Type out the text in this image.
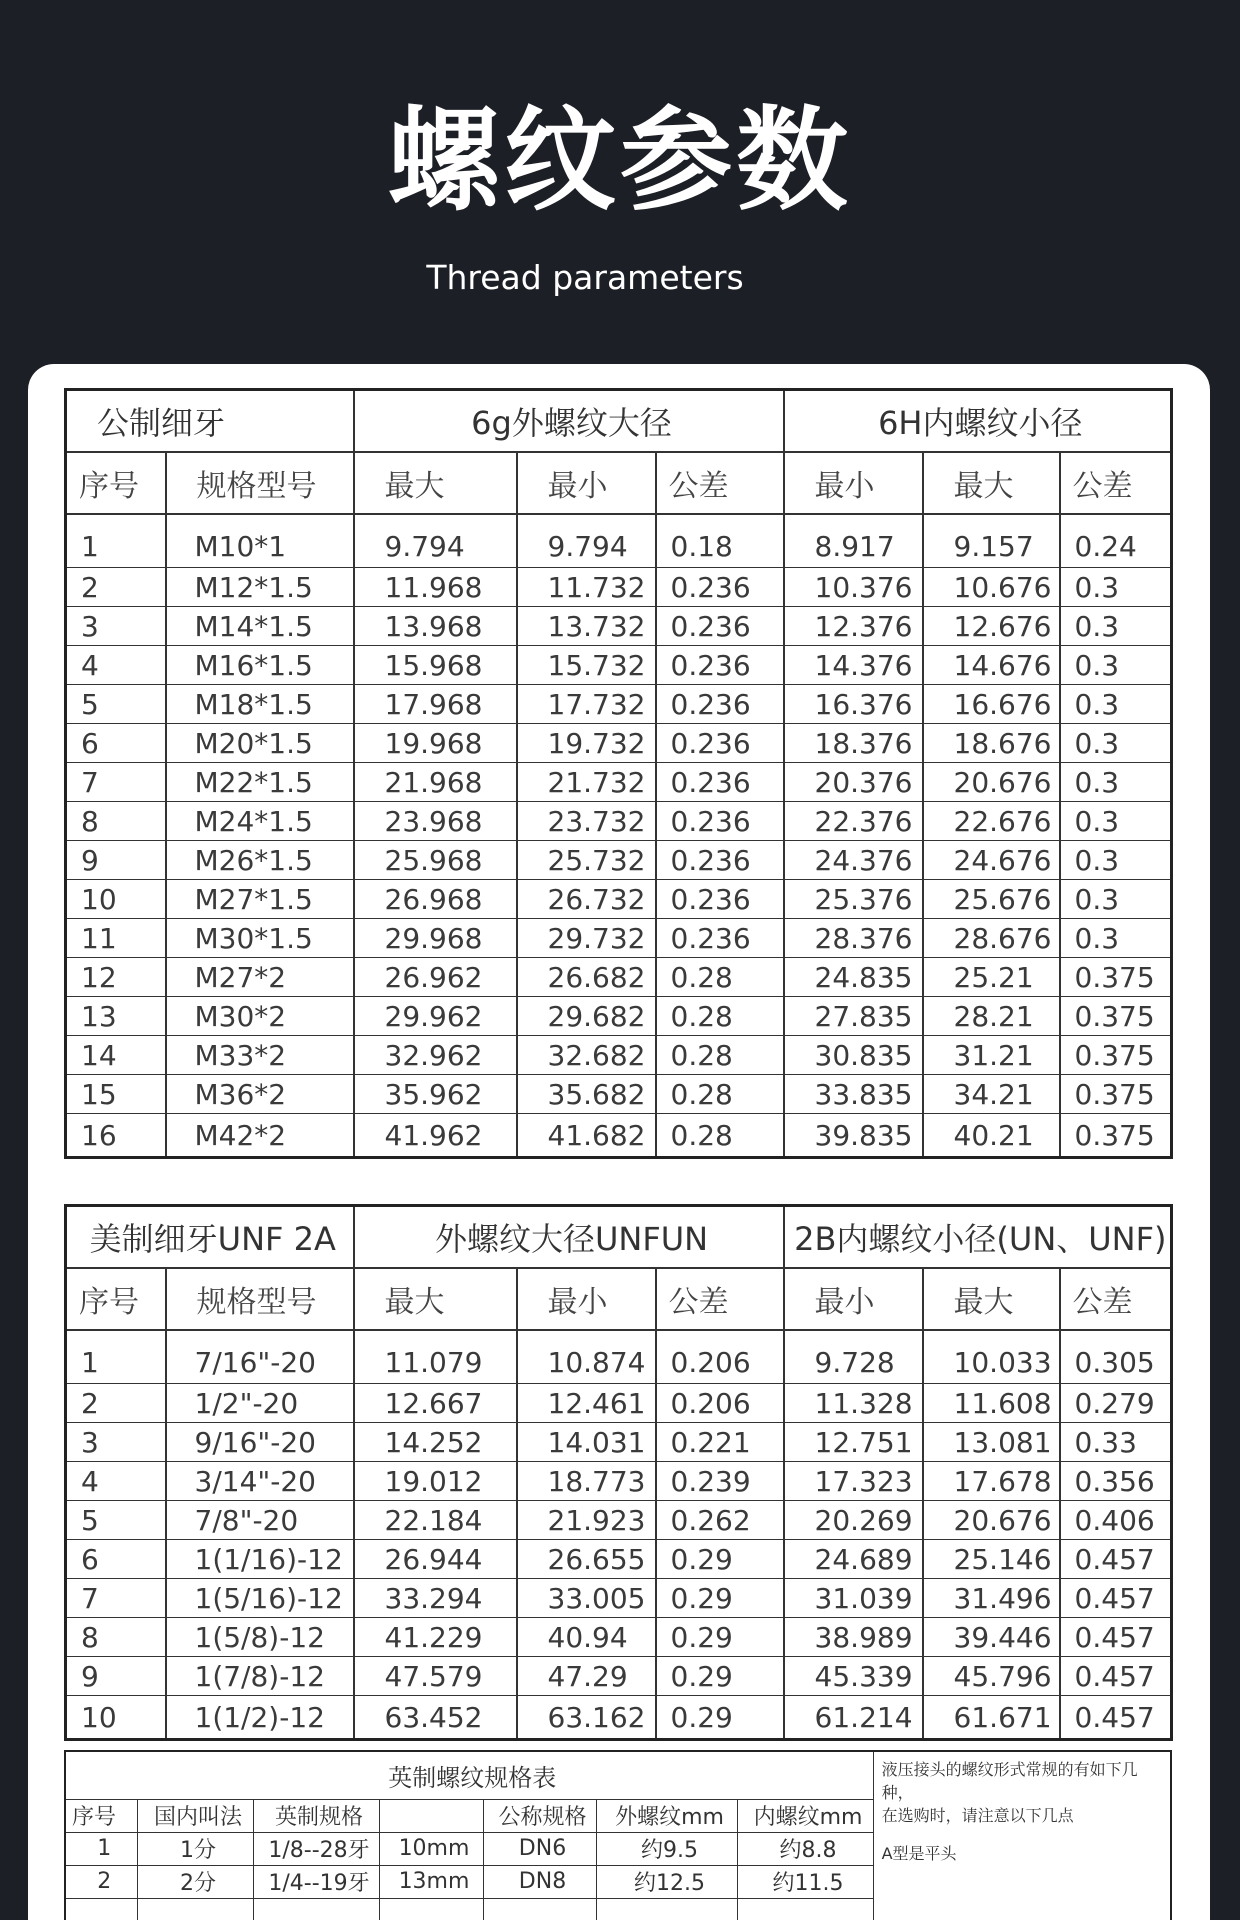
螺纹参数
Thread parameters
公制细牙		6g外螺纹大径			6H内螺纹小径		
序号	规格型号	最大	最小	公差	最小	最大	公差
1	M10*1	9.794	9.794	0.18	8.917	9.157	0.24
2	M12*1.5	11.968	11.732	0.236	10.376	10.676	0.3
3	M14*1.5	13.968	13.732	0.236	12.376	12.676	0.3
4	M16*1.5	15.968	15.732	0.236	14.376	14.676	0.3
5	M18*1.5	17.968	17.732	0.236	16.376	16.676	0.3
6	M20*1.5	19.968	19.732	0.236	18.376	18.676	0.3
7	M22*1.5	21.968	21.732	0.236	20.376	20.676	0.3
8	M24*1.5	23.968	23.732	0.236	22.376	22.676	0.3
9	M26*1.5	25.968	25.732	0.236	24.376	24.676	0.3
10	M27*1.5	26.968	26.732	0.236	25.376	25.676	0.3
11	M30*1.5	29.968	29.732	0.236	28.376	28.676	0.3
12	M27*2	26.962	26.682	0.28	24.835	25.21	0.375
13	M30*2	29.962	29.682	0.28	27.835	28.21	0.375
14	M33*2	32.962	32.682	0.28	30.835	31.21	0.375
15	M36*2	35.962	35.682	0.28	33.835	34.21	0.375
16	M42*2	41.962	41.682	0.28	39.835	40.21	0.375
美制细牙UNF 2A		外螺纹大径UNFUN			2B内螺纹小径(UN、UNF)		
序号	规格型号	最大	最小	公差	最小	最大	公差
1	7/16"-20	11.079	10.874	0.206	9.728	10.033	0.305
2	1/2"-20	12.667	12.461	0.206	11.328	11.608	0.279
3	9/16"-20	14.252	14.031	0.221	12.751	13.081	0.33
4	3/14"-20	19.012	18.773	0.239	17.323	17.678	0.356
5	7/8"-20	22.184	21.923	0.262	20.269	20.676	0.406
6	1(1/16)-12	26.944	26.655	0.29	24.689	25.146	0.457
7	1(5/16)-12	33.294	33.005	0.29	31.039	31.496	0.457
8	1(5/8)-12	41.229	40.94	0.29	38.989	39.446	0.457
9	1(7/8)-12	47.579	47.29	0.29	45.339	45.796	0.457
10	1(1/2)-12	63.452	63.162	0.29	61.214	61.671	0.457
英制螺纹规格表							液压接头的螺纹形式常规的有如下几种，
在选购时，请注意以下几点
A型是平头

序号	国内叫法	英制规格		公称规格	外螺纹mm	内螺纹mm	
1	1分	1/8--28牙	10mm	DN6	约9.5	约8.8	
2	2分	1/4--19牙	13mm	DN8	约12.5	约11.5	
